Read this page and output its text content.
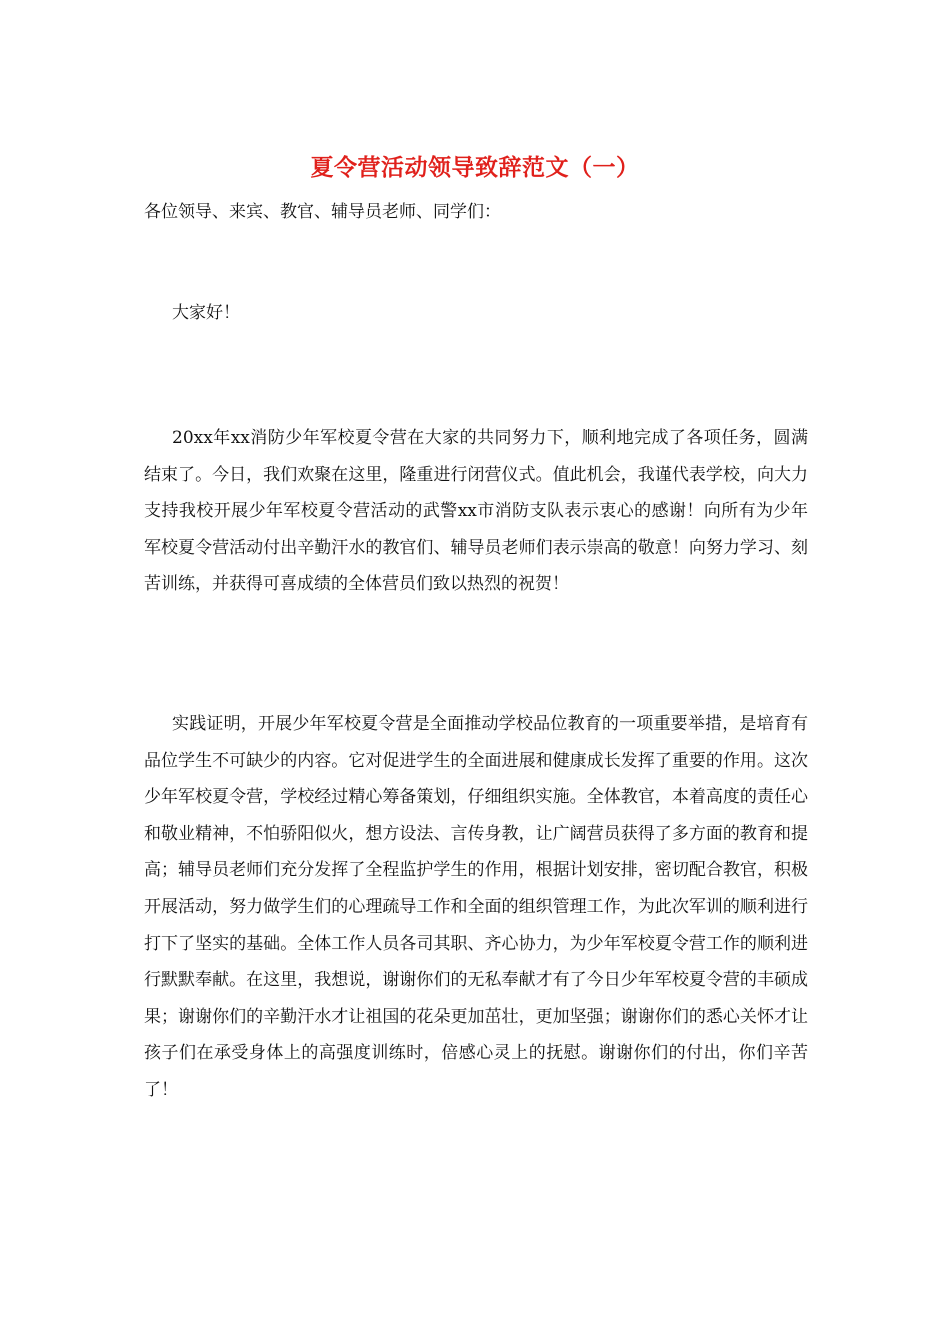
夏令营活动领导致辞范文（一）
各位领导、来宾、教官、辅导员老师、同学们：
大家好！

20xx年xx消防少年军校夏令营在大家的共同努力下，顺利地完成了各项任务，圆满结束了。今日，我们欢聚在这里，隆重进行闭营仪式。值此机会，我谨代表学校，向大力支持我校开展少年军校夏令营活动的武警xx市消防支队表示衷心的感谢！向所有为少年军校夏令营活动付出辛勤汗水的教官们、辅导员老师们表示崇高的敬意！向努力学习、刻苦训练，并获得可喜成绩的全体营员们致以热烈的祝贺！

实践证明，开展少年军校夏令营是全面推动学校品位教育的一项重要举措，是培育有品位学生不可缺少的内容。它对促进学生的全面进展和健康成长发挥了重要的作用。这次少年军校夏令营，学校经过精心筹备策划，仔细组织实施。全体教官，本着高度的责任心和敬业精神，不怕骄阳似火，想方设法、言传身教，让广阔营员获得了多方面的教育和提高；辅导员老师们充分发挥了全程监护学生的作用，根据计划安排，密切配合教官，积极开展活动，努力做学生们的心理疏导工作和全面的组织管理工作，为此次军训的顺利进行打下了坚实的基础。全体工作人员各司其职、齐心协力，为少年军校夏令营工作的顺利进行默默奉献。在这里，我想说，谢谢你们的无私奉献才有了今日少年军校夏令营的丰硕成果；谢谢你们的辛勤汗水才让祖国的花朵更加茁壮，更加坚强；谢谢你们的悉心关怀才让孩子们在承受身体上的高强度训练时，倍感心灵上的抚慰。谢谢你们的付出，你们辛苦了！
